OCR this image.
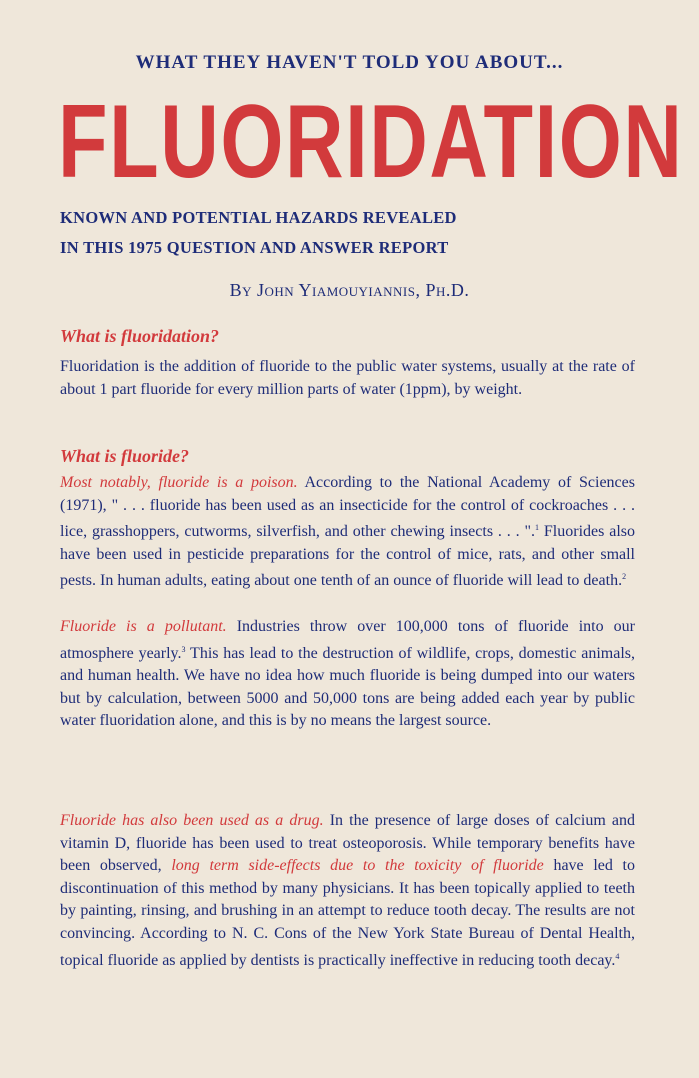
WHAT THEY HAVEN'T TOLD YOU ABOUT...
FLUORIDATION
KNOWN AND POTENTIAL HAZARDS REVEALED
IN THIS 1975 QUESTION AND ANSWER REPORT
By John Yiamouyiannis, Ph.D.
What is fluoridation?
Fluoridation is the addition of fluoride to the public water systems, usually at the rate of about 1 part fluoride for every million parts of water (1ppm), by weight.
What is fluoride?
Most notably, fluoride is a poison. According to the National Academy of Sciences (1971), " . . . fluoride has been used as an insecticide for the control of cockroaches . . . lice, grasshoppers, cutworms, silverfish, and other chewing insects . . . ".$^1$ Fluorides also have been used in pesticide preparations for the control of mice, rats, and other small pests. In human adults, eating about one tenth of an ounce of fluoride will lead to death.$^2$
Fluoride is a pollutant. Industries throw over 100,000 tons of fluoride into our atmosphere yearly.$^3$ This has lead to the destruction of wildlife, crops, domestic animals, and human health. We have no idea how much fluoride is being dumped into our waters but by calculation, between 5000 and 50,000 tons are being added each year by public water fluoridation alone, and this is by no means the largest source.
Fluoride has also been used as a drug. In the presence of large doses of calcium and vitamin D, fluoride has been used to treat osteoporosis. While temporary benefits have been observed, long term side-effects due to the toxicity of fluoride have led to discontinuation of this method by many physicians. It has been topically applied to teeth by painting, rinsing, and brushing in an attempt to reduce tooth decay. The results are not convincing. According to N. C. Cons of the New York State Bureau of Dental Health, topical fluoride as applied by dentists is practically ineffective in reducing tooth decay.$^4$
